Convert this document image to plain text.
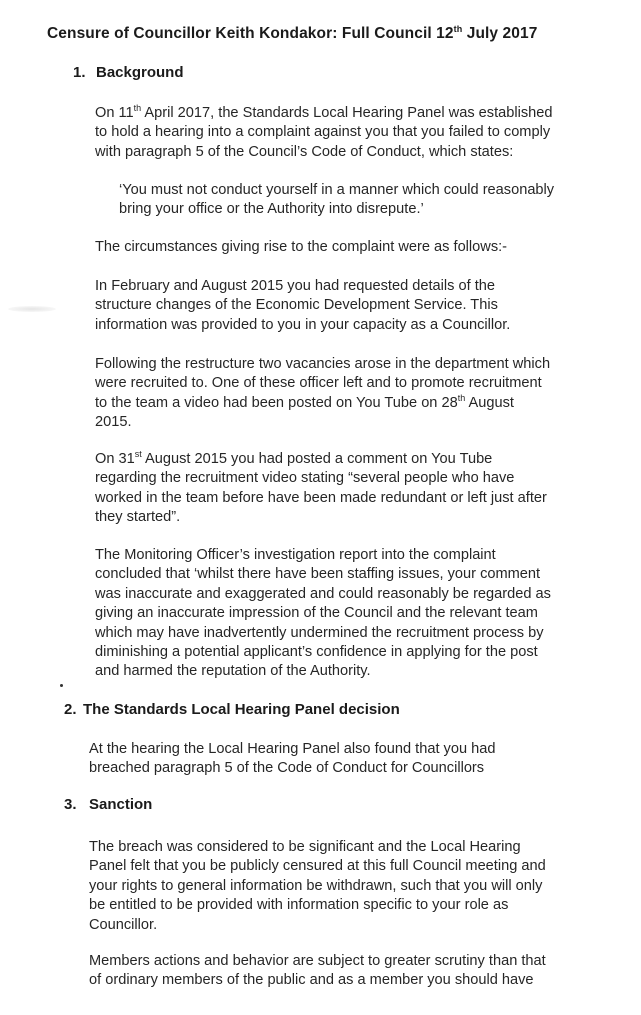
Censure of Councillor Keith Kondakor: Full Council 12th July 2017
1. Background
On 11th April 2017, the Standards Local Hearing Panel was established
to hold a hearing into a complaint against you that you failed to comply
with paragraph 5 of the Council’s Code of Conduct, which states:
‘You must not conduct yourself in a manner which could reasonably
bring your office or the Authority into disrepute.’
The circumstances giving rise to the complaint were as follows:-
In February and August 2015 you had requested details of the
structure changes of the Economic Development Service. This
information was provided to you in your capacity as a Councillor.
Following the restructure two vacancies arose in the department which
were recruited to. One of these officer left and to promote recruitment
to the team a video had been posted on You Tube on 28th August
2015.
On 31st August 2015 you had posted a comment on You Tube
regarding the recruitment video stating “several people who have
worked in the team before have been made redundant or left just after
they started”.
The Monitoring Officer’s investigation report into the complaint
concluded that ‘whilst there have been staffing issues, your comment
was inaccurate and exaggerated and could reasonably be regarded as
giving an inaccurate impression of the Council and the relevant team
which may have inadvertently undermined the recruitment process by
diminishing a potential applicant’s confidence in applying for the post
and harmed the reputation of the Authority.
2. The Standards Local Hearing Panel decision
At the hearing the Local Hearing Panel also found that you had
breached paragraph 5 of the Code of Conduct for Councillors
3. Sanction
The breach was considered to be significant and the Local Hearing
Panel felt that you be publicly censured at this full Council meeting and
your rights to general information be withdrawn, such that you will only
be entitled to be provided with information specific to your role as
Councillor.
Members actions and behavior are subject to greater scrutiny than that
of ordinary members of the public and as a member you should have
